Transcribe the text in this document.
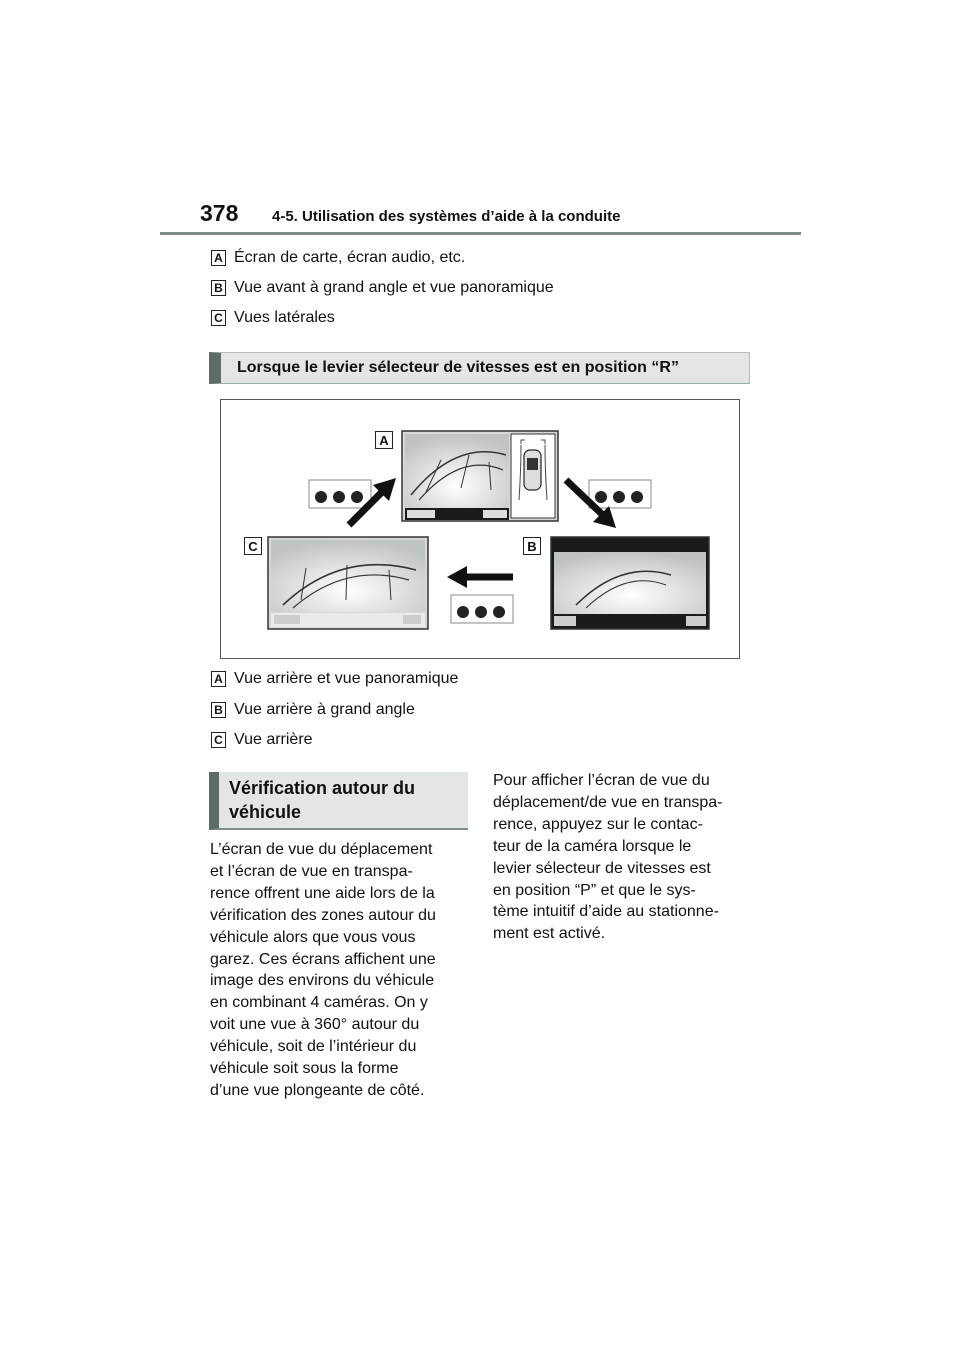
378 4-5. Utilisation des systèmes d’aide à la conduite
A Écran de carte, écran audio, etc.
B Vue avant à grand angle et vue panoramique
C Vues latérales
Lorsque le levier sélecteur de vitesses est en position “R”
A
B
C
A Vue arrière et vue panoramique
B Vue arrière à grand angle
C Vue arrière
Vérification autour du
véhicule
L’écran de vue du déplacement
et l’écran de vue en transpa-
rence offrent une aide lors de la
vérification des zones autour du
véhicule alors que vous vous
garez. Ces écrans affichent une
image des environs du véhicule
en combinant 4 caméras. On y
voit une vue à 360° autour du
véhicule, soit de l’intérieur du
véhicule soit sous la forme
d’une vue plongeante de côté.
Pour afficher l’écran de vue du
déplacement/de vue en transpa-
rence, appuyez sur le contac-
teur de la caméra lorsque le
levier sélecteur de vitesses est
en position “P” et que le sys-
tème intuitif d’aide au stationne-
ment est activé.
